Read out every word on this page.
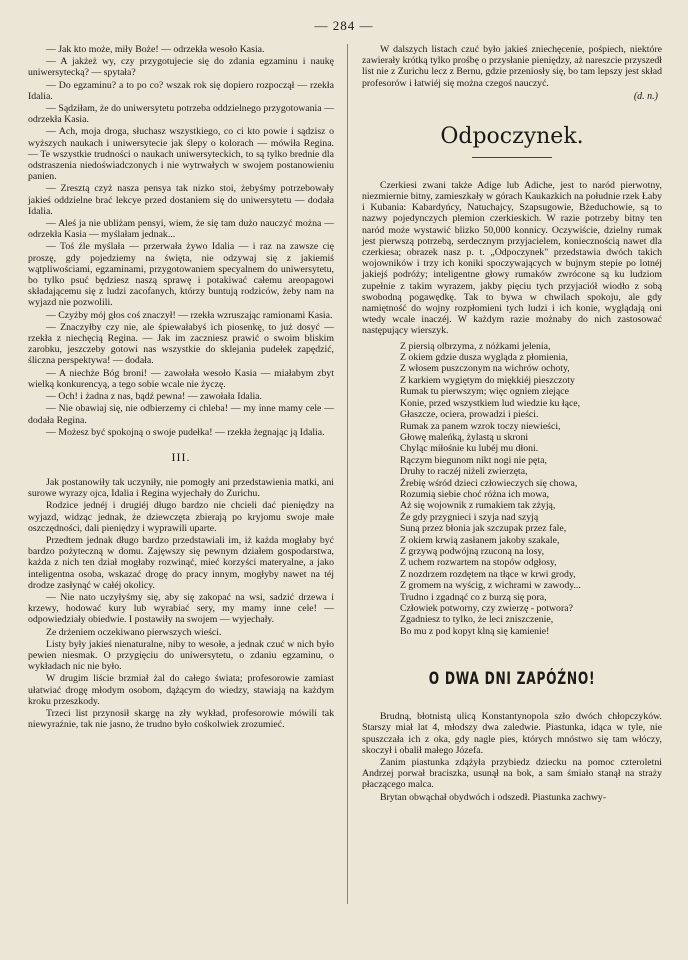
— 284 —

— Jak kto może, miły Boże! — odrzekła wesoło Kasia.

— A jakżeż wy, czy przygotujecie się do zdania egzaminu i naukę uniwersytecką? — spytała?

— Do egzaminu? a to po co? wszak rok się dopiero rozpoczął — rzekła Idalia.

— Sądziłam, że do uniwersytetu potrzeba oddzielnego przygotowania — odrzekła Kasia.

— Ach, moja droga, słuchasz wszystkiego, co ci kto powie i sądzisz o wyższych naukach i uniwersytecie jak ślepy o kolorach — mówiła Regina. — Te wszystkie trudności o naukach uniwersyteckich, to są tylko brednie dla odstraszenia niedoświadczonych i nie wytrwałych w swojem postanowieniu panien.

— Zresztą czyż nasza pensya tak nizko stoi, żebyśmy potrzebowały jakieś oddzielne brać lekcye przed dostaniem się do uniwersytetu — dodała Idalia.

— Aleś ja nie ubliżam pensyi, wiem, że się tam dużo nauczyć można — odrzekła Kasia — myślałam jednak...

— Toś źle myślała — przerwała żywo Idalia — i raz na zawsze cię proszę, gdy pojedziemy na święta, nie odzywaj się z jakiemiś wątpliwościami, egzaminami, przygotowaniem specyalnem do uniwersytetu, bo tylko psuć będziesz naszą sprawę i potakiwać całemu areopagowi składającemu się z ludzi zacofanych, którzy buntują rodziców, żeby nam na wyjazd nie pozwolili.

— Czyżby mój głos coś znaczył! — rzekła wzruszając ramionami Kasia.

— Znaczyłby czy nie, ale śpiewałabyś ich piosenkę, to już dosyć — rzekła z niechęcią Regina. — Jak im zaczniesz prawić o swoim bliskim zarobku, jeszczeby gotowi nas wszystkie do sklejania pudełek zapędzić, śliczna perspektywa! — dodała.

— A niechże Bóg broni! — zawołała wesoło Kasia — miałabym zbyt wielką konkurencyą, a tego sobie wcale nie życzę.

— Och! i żadna z nas, bądź pewna! — zawołała Idalia.

— Nie obawiaj się, nie odbierzemy ci chleba! — my inne mamy cele — dodała Regina.

— Możesz być spokojną o swoje pudełka! — rzekła żegnając ją Idalia.

III.

Jak postanowiły tak uczyniły, nie pomogły ani przedstawienia matki, ani surowe wyrazy ojca, Idalia i Regina wyjechały do Zurichu.

Rodzice jednéj i drugiéj długo bardzo nie chcieli dać pieniędzy na wyjazd, widząc jednak, że dziewczęta zbierają po kryjomu swoje małe oszczędności, dali pieniędzy i wyprawili uparte.

Przedtem jednak długo bardzo przedstawiali im, iż każda mogłaby być bardzo pożyteczną w domu. Zajęwszy się pewnym działem gospodarstwa, każda z nich ten dział mogłaby rozwinąć, mieć korzyści materyalne, a jako inteligentna osoba, wskazać drogę do pracy innym, mogłyby nawet na téj drodze zasłynąć w całéj okolicy.

— Nie nato uczyłyśmy się, aby się zakopać na wsi, sadzić drzewa i krzewy, hodować kury lub wyrabiać sery, my mamy inne cele! — odpowiedziały obiedwie. I postawiły na swojem — wyjechały.

Ze drżeniem oczekiwano pierwszych wieści.

Listy były jakieś nienaturalne, niby to wesołe, a jednak czuć w nich było pewien niesmak. O przygięciu do uniwersytetu, o zdaniu egzaminu, o wykładach nic nie było.

W drugim liście brzmiał żal do całego świata; profesorowie zamiast ułatwiać drogę młodym osobom, dążącym do wiedzy, stawiają na każdym kroku przeszkody.

Trzeci list przynosił skargę na zły wykład, profesorowie mówili tak niewyraźnie, tak nie jasno, że trudno było cośkolwiek zrozumieć.

W dalszych listach czuć było jakieś zniechęcenie, pośpiech, niektóre zawierały krótką tylko prośbę o przysłanie pieniędzy, aż nareszcie przyszedł list nie z Zurichu lecz z Bernu, gdzie przeniosły się, bo tam lepszy jest skład profesorów i łatwiéj się można czegoś nauczyć.

(d. n.)
Odpoczynek.

Czerkiesi zwani także Adige lub Adiche, jest to naród pierwotny, niezmiernie bitny, zamieszkały w górach Kaukazkich na południe rzek Łaby i Kubania: Kabardyńcy, Natuchajcy, Szapsugowie, Bżeduchowie, są to nazwy pojedynczych plemion czerkieskich. W razie potrzeby bitny ten naród może wystawić blizko 50,000 konnicy. Oczywiście, dzielny rumak jest pierwszą potrzebą, serdecznym przyjacielem, koniecznością nawet dla czerkiesa; obrazek nasz p. t. „Odpoczynek" przedstawia dwóch takich wojowników i trzy ich koniki spoczywających w bujnym stepie po lotnéj jakiejś podróży; inteligentne głowy rumaków zwrócone są ku ludziom zupełnie z takim wyrazem, jakby pięciu tych przyjaciół wiodło z sobą swobodną pogawędkę. Tak to bywa w chwilach spokoju, ale gdy namiętność do wojny rozpłomieni tych ludzi i ich konie, wyglądają oni wtedy wcale inaczéj. W każdym razie możnaby do nich zastosować następujący wierszyk.

Z piersią olbrzyma, z nóżkami jelenia,
Z okiem gdzie dusza wygląda z płomienia,
Z włosem puszczonym na wichrów ochoty,
Z karkiem wygiętym do miękkiéj pieszczoty
Rumak tu pierwszym; więc ogniem ziejące
Konie, przed wszystkiem lud wiedzie ku łące,
Głaszcze, ociera, prowadzi i pieści.
Rumak za panem wzrok toczy niewieści,
Głowę maleńką, żylastą u skroni
Chyląc miłośnie ku lubéj mu dłoni.
Rączym biegunom nikt nogi nie pęta,
Druhy to raczéj niżeli zwierzęta,
Źrebię wśród dzieci człowieczych się chowa,
Rozumią siebie choć różna ich mowa,
Aż się wojownik z rumakiem tak zżyją,
Że gdy przygnieci i szyja nad szyją
Suną przez błonia jak szczupak przez fale,
Z okiem krwią zasłanem jakoby szakale,
Z grzywą podwójną rzuconą na losy,
Z uchem rozwartem na stopów odgłosy,
Z nozdrzem rozdętem na tłące w krwi grody,
Z gromem na wyścig, z wichrami w zawody...
Trudno i zgadnąć co z burzą się pora,
Człowiek potworny, czy zwierzę - potwora?
Zgadniesz to tylko, że leci zniszczenie,
Bo mu z pod kopyt klną się kamienie!
O DWA DNI ZAPÓŹNO!

Brudną, błotnistą ulicą Konstantynopola szło dwóch chłopczyków. Starszy miał lat 4, młodszy dwa zaledwie. Piastunka, idąca w tyle, nie spuszczała ich z oka, gdy nagle pies, których mnóstwo się tam włóczy, skoczył i obalił małego Józefa.

Zanim piastunka zdążyła przybiedz dziecku na pomoc czteroletni Andrzej porwał braciszka, usunął na bok, a sam śmiało stanął na straży płaczącego malca.

Brytan obwąchał obydwóch i odszedł. Piastunka zachwy-
